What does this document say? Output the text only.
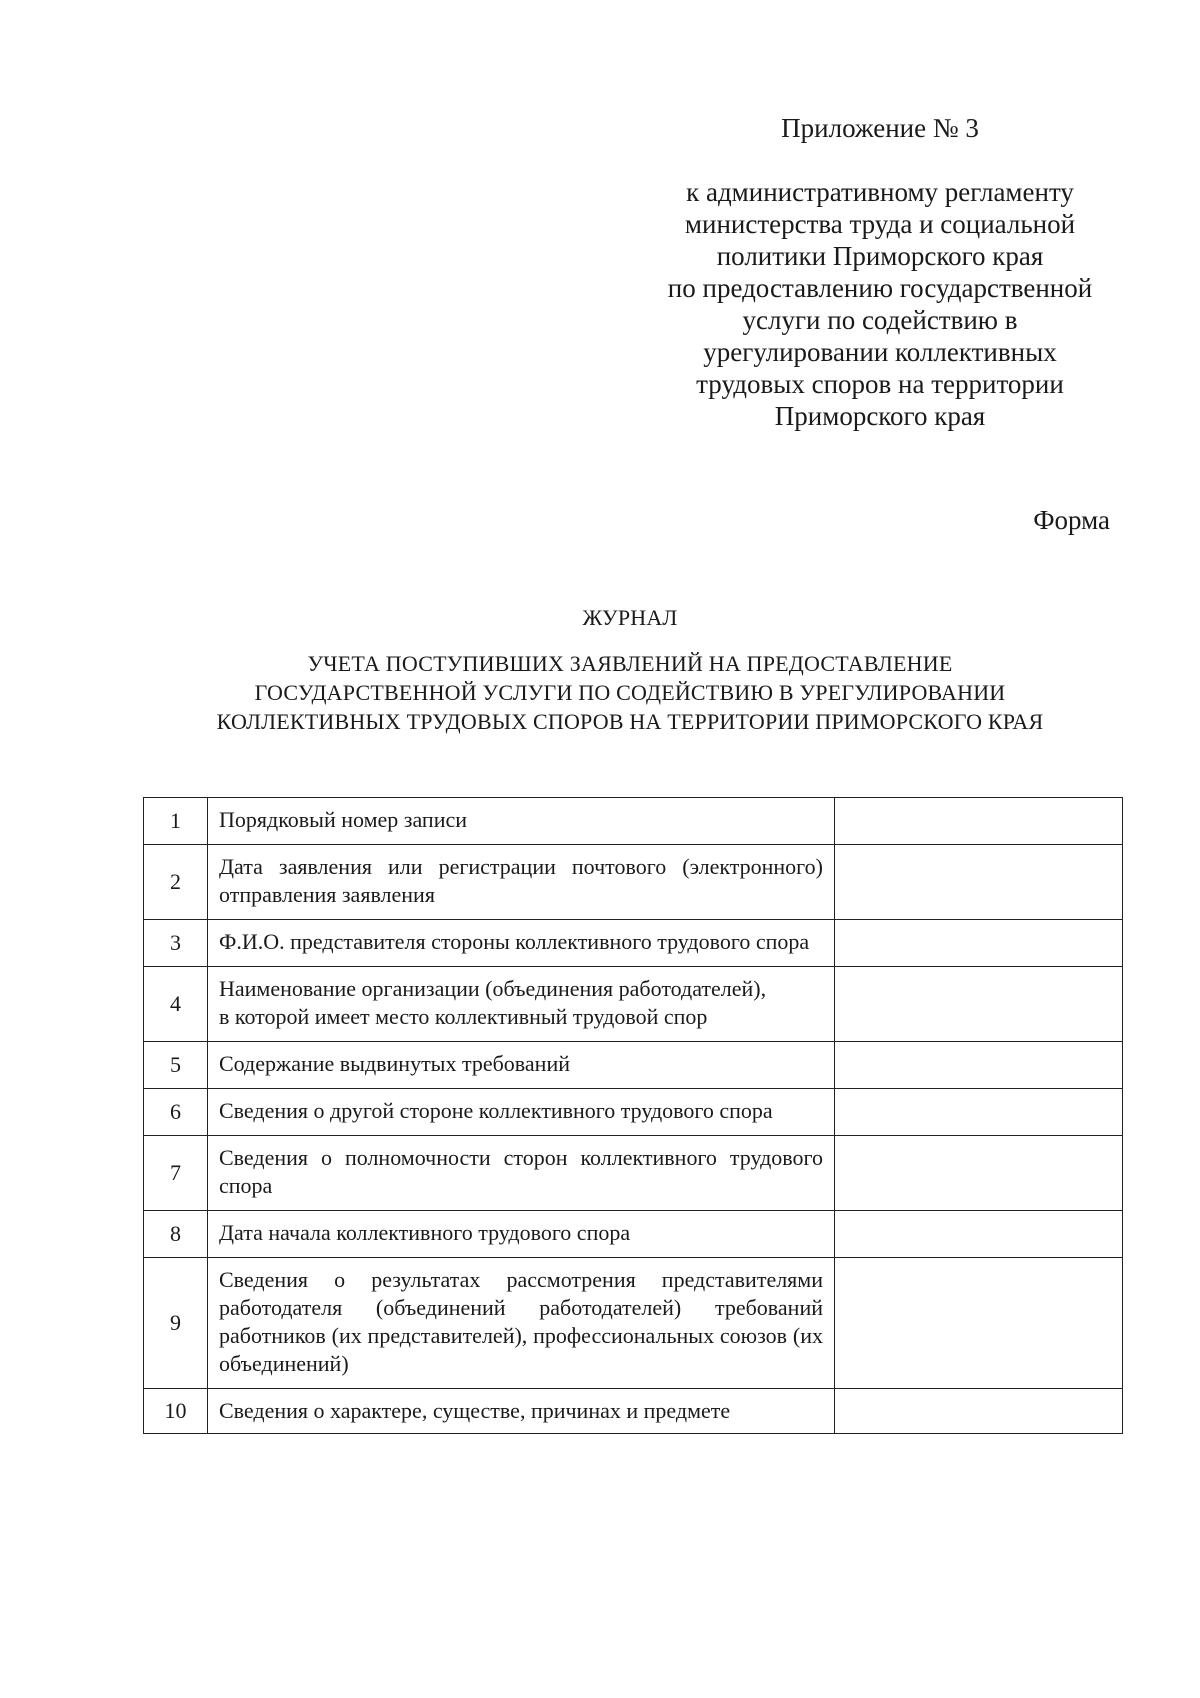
Приложение № 3
к административному регламенту
министерства труда и социальной
политики Приморского края
по предоставлению государственной
услуги по содействию в
урегулировании коллективных
трудовых споров на территории
Приморского края
Форма
ЖУРНАЛ
УЧЕТА ПОСТУПИВШИХ ЗАЯВЛЕНИЙ НА ПРЕДОСТАВЛЕНИЕ
ГОСУДАРСТВЕННОЙ УСЛУГИ ПО СОДЕЙСТВИЮ В УРЕГУЛИРОВАНИИ
КОЛЛЕКТИВНЫХ ТРУДОВЫХ СПОРОВ НА ТЕРРИТОРИИ ПРИМОРСКОГО КРАЯ
1	Порядковый номер записи	
2	Дата заявления или регистрации почтового (электронного) отправления заявления	
3	Ф.И.О. представителя стороны коллективного трудового спора	
4	Наименование организации (объединения работодателей),
в которой имеет место коллективный трудовой спор	
5	Содержание выдвинутых требований	
6	Сведения о другой стороне коллективного трудового спора	
7	Сведения о полномочности сторон коллективного трудового спора	
8	Дата начала коллективного трудового спора	
9	Сведения о результатах рассмотрения представителями работодателя (объединений работодателей) требований работников (их представителей), профессиональных союзов (их объединений)	
10	Сведения о характере, существе, причинах и предмете	
